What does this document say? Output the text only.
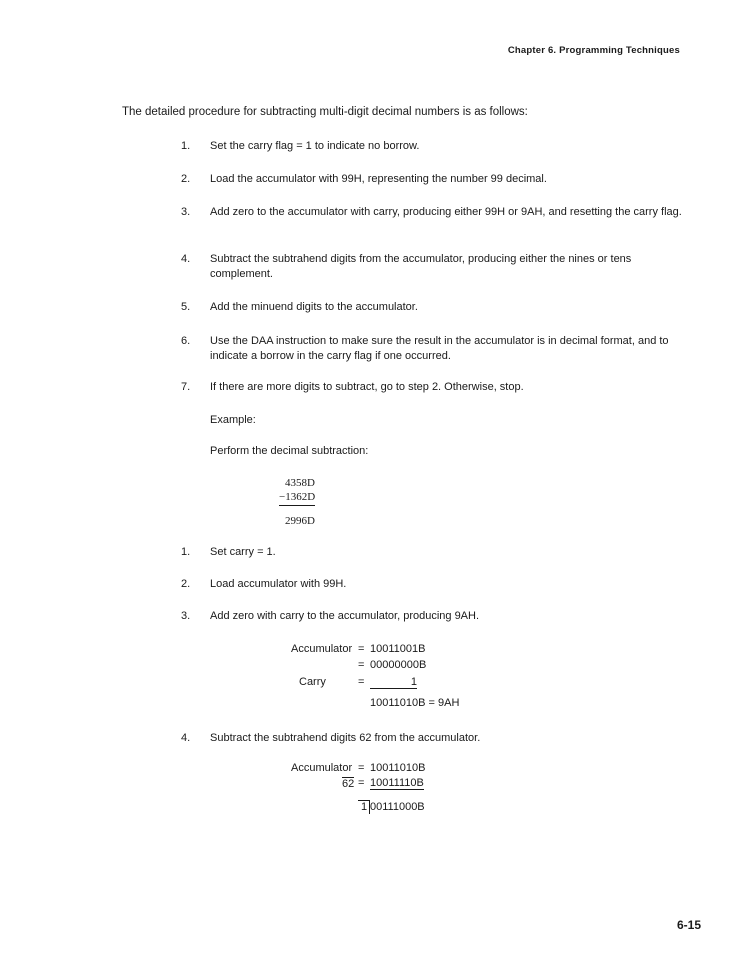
Chapter 6. Programming Techniques
The detailed procedure for subtracting multi-digit decimal numbers is as follows:
1.	Set the carry flag = 1 to indicate no borrow.
2.	Load the accumulator with 99H, representing the number 99 decimal.
3.	Add zero to the accumulator with carry, producing either 99H or 9AH, and resetting the carry flag.
4.	Subtract the subtrahend digits from the accumulator, producing either the nines or tens complement.
5.	Add the minuend digits to the accumulator.
6.	Use the DAA instruction to make sure the result in the accumulator is in decimal format, and to indicate a borrow in the carry flag if one occurred.
7.	If there are more digits to subtract, go to step 2. Otherwise, stop.
Example:
Perform the decimal subtraction:
4358D
−1362D
2996D
1.	Set carry = 1.
2.	Load accumulator with 99H.
3.	Add zero with carry to the accumulator, producing 9AH.
Accumulator = 10011001B
= 00000000B
Carry	=	1
10011010B = 9AH
4.	Subtract the subtrahend digits 62 from the accumulator.
Accumulator = 10011010B
62 = 10011110B
1 00111000B
6-15
